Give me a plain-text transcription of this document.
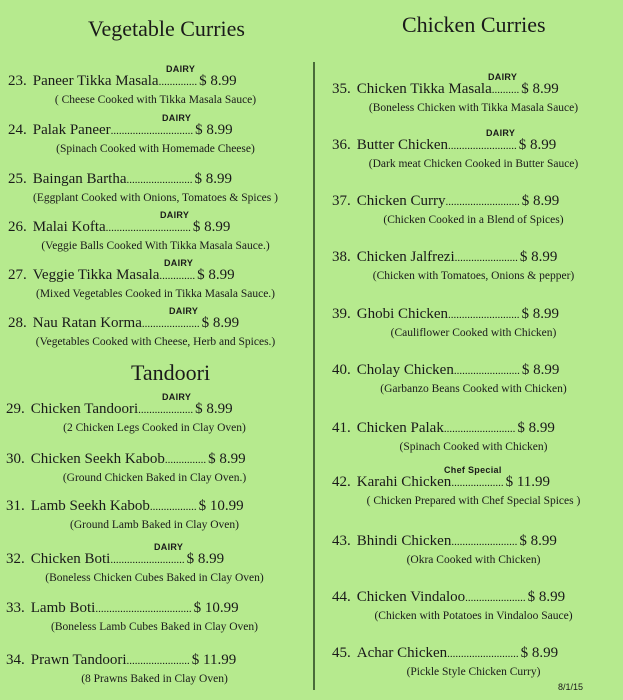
Vegetable Curries
Tandoori
23. Paneer Tikka Masala .............. $ 8.99
DAIRY
( Cheese Cooked with Tikka Masala Sauce)
24. Palak Paneer .............................. $ 8.99
DAIRY
(Spinach Cooked with Homemade Cheese)
25. Baingan Bartha ........................ $ 8.99
(Eggplant Cooked with Onions, Tomatoes & Spices )
26. Malai Kofta ............................... $ 8.99
DAIRY
(Veggie Balls Cooked With Tikka Masala Sauce.)
27. Veggie Tikka Masala ............. $ 8.99
DAIRY
(Mixed Vegetables Cooked in Tikka Masala Sauce.)
28. Nau Ratan Korma ..................... $ 8.99
DAIRY
(Vegetables Cooked with Cheese, Herb and Spices.)
29. Chicken Tandoori .................... $ 8.99
DAIRY
(2 Chicken Legs Cooked in Clay Oven)
30. Chicken Seekh Kabob ............... $ 8.99
(Ground Chicken Baked in Clay Oven.)
31. Lamb Seekh Kabob ................. $ 10.99
(Ground Lamb Baked in Clay Oven)
32. Chicken Boti ........................... $ 8.99
DAIRY
(Boneless Chicken Cubes Baked in Clay Oven)
33. Lamb Boti ................................... $ 10.99
(Boneless Lamb Cubes Baked in Clay Oven)
34. Prawn Tandoori ....................... $ 11.99
(8 Prawns Baked in Clay Oven)
Chicken Curries
35. Chicken Tikka Masala .......... $ 8.99
DAIRY
(Boneless Chicken with Tikka Masala Sauce)
36. Butter Chicken ......................... $ 8.99
DAIRY
(Dark meat Chicken Cooked in Butter Sauce)
37. Chicken Curry ........................... $ 8.99
(Chicken Cooked in a Blend of Spices)
38. Chicken Jalfrezi ....................... $ 8.99
(Chicken with Tomatoes, Onions & pepper)
39. Ghobi Chicken .......................... $ 8.99
(Cauliflower Cooked with Chicken)
40. Cholay Chicken ........................ $ 8.99
(Garbanzo Beans Cooked with Chicken)
41. Chicken Palak .......................... $ 8.99
(Spinach Cooked with Chicken)
42. Karahi Chicken ................... $ 11.99
Chef Special
( Chicken Prepared with Chef Special Spices )
43. Bhindi Chicken ........................ $ 8.99
(Okra Cooked with Chicken)
44. Chicken Vindaloo ...................... $ 8.99
(Chicken with Potatoes in Vindaloo Sauce)
45. Achar Chicken .......................... $ 8.99
(Pickle Style Chicken Curry)
8/1/15
